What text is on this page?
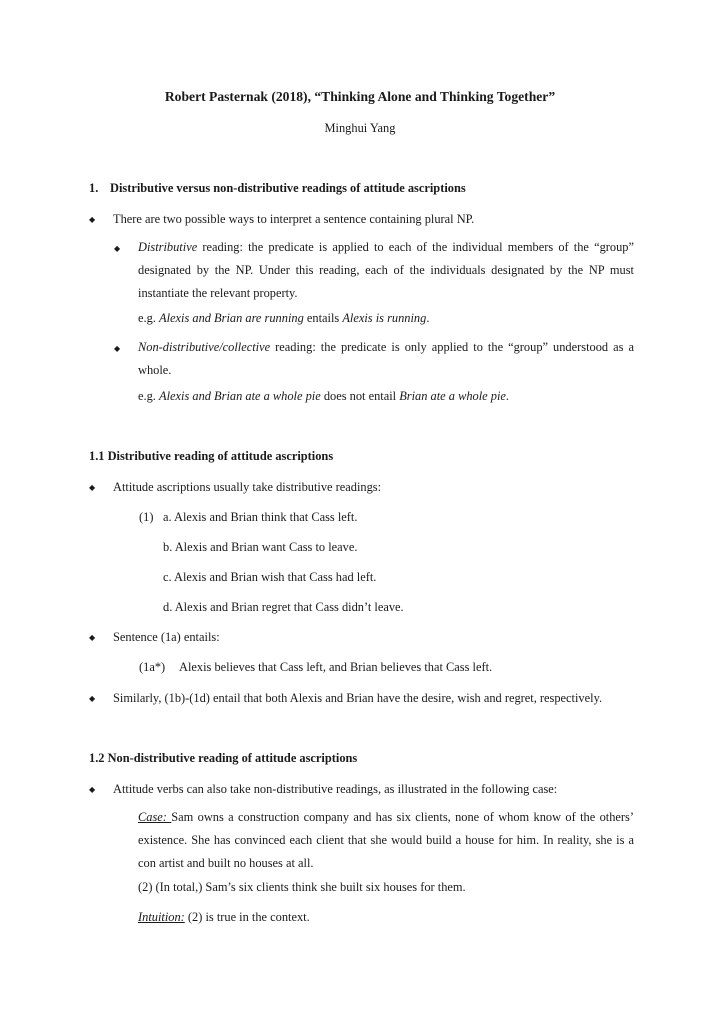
Robert Pasternak (2018), “Thinking Alone and Thinking Together”
Minghui Yang
1. Distributive versus non-distributive readings of attitude ascriptions
◆ There are two possible ways to interpret a sentence containing plural NP.
◆ Distributive reading: the predicate is applied to each of the individual members of the “group” designated by the NP. Under this reading, each of the individuals designated by the NP must instantiate the relevant property.
e.g. Alexis and Brian are running entails Alexis is running.
◆ Non-distributive/collective reading: the predicate is only applied to the “group” understood as a whole.
e.g. Alexis and Brian ate a whole pie does not entail Brian ate a whole pie.
1.1 Distributive reading of attitude ascriptions
◆ Attitude ascriptions usually take distributive readings:
(1) a. Alexis and Brian think that Cass left.
b. Alexis and Brian want Cass to leave.
c. Alexis and Brian wish that Cass had left.
d. Alexis and Brian regret that Cass didn’t leave.
◆ Sentence (1a) entails:
(1a*) Alexis believes that Cass left, and Brian believes that Cass left.
◆ Similarly, (1b)-(1d) entail that both Alexis and Brian have the desire, wish and regret, respectively.
1.2 Non-distributive reading of attitude ascriptions
◆ Attitude verbs can also take non-distributive readings, as illustrated in the following case:
Case: Sam owns a construction company and has six clients, none of whom know of the others’ existence. She has convinced each client that she would build a house for him. In reality, she is a con artist and built no houses at all.
(2) (In total,) Sam’s six clients think she built six houses for them.
Intuition: (2) is true in the context.
